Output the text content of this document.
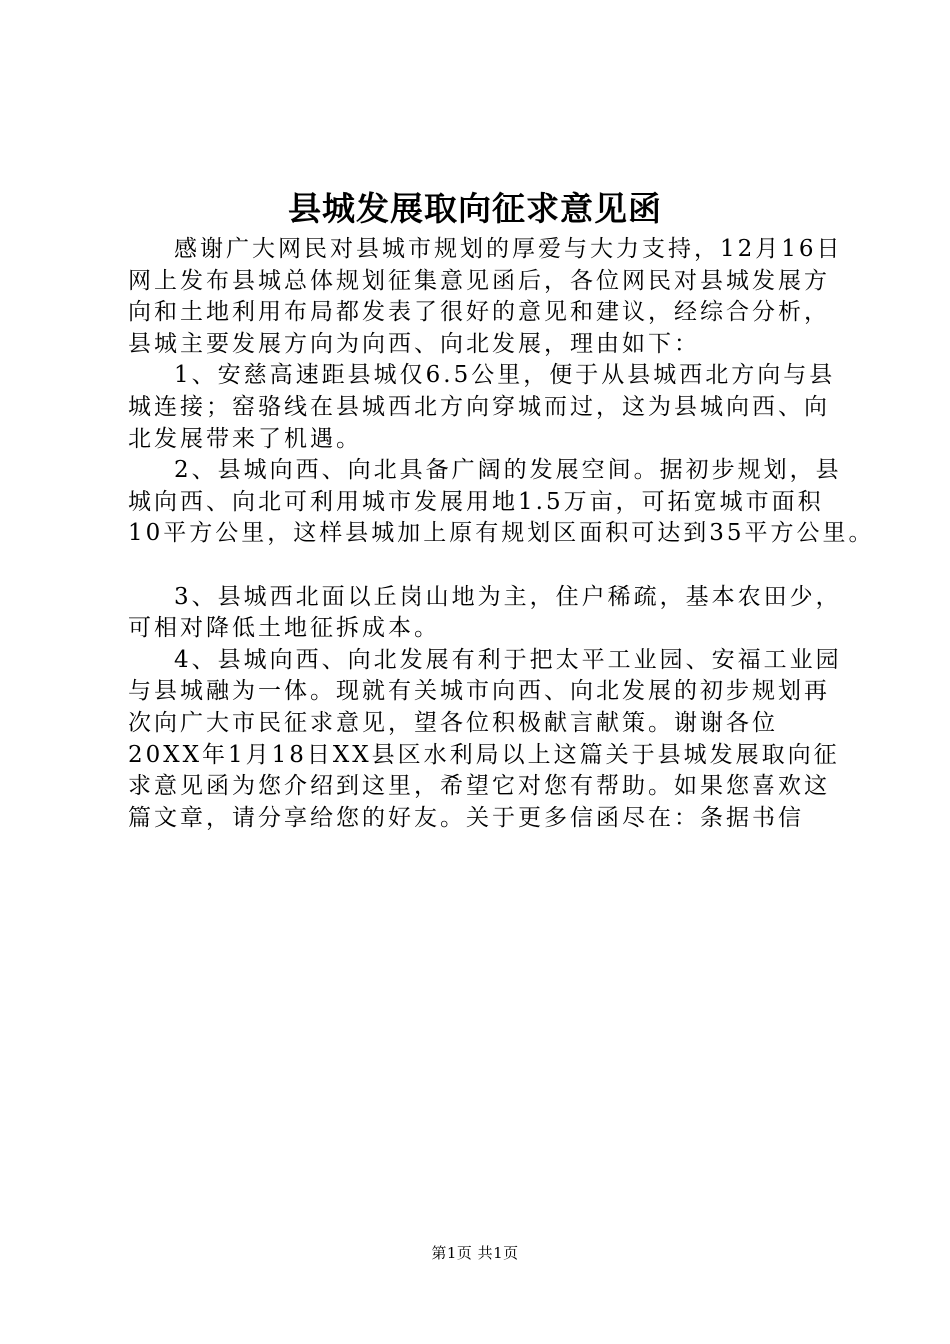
县城发展取向征求意见函
感谢广大网民对县城市规划的厚爱与大力支持，12月16日
网上发布县城总体规划征集意见函后，各位网民对县城发展方
向和土地利用布局都发表了很好的意见和建议，经综合分析，
县城主要发展方向为向西、向北发展，理由如下：
1、安慈高速距县城仅6.5公里，便于从县城西北方向与县
城连接；窑骆线在县城西北方向穿城而过，这为县城向西、向
北发展带来了机遇。
2、县城向西、向北具备广阔的发展空间。据初步规划，县
城向西、向北可利用城市发展用地1.5万亩，可拓宽城市面积
10平方公里，这样县城加上原有规划区面积可达到35平方公里。
3、县城西北面以丘岗山地为主，住户稀疏，基本农田少，
可相对降低土地征拆成本。
4、县城向西、向北发展有利于把太平工业园、安福工业园
与县城融为一体。现就有关城市向西、向北发展的初步规划再
次向广大市民征求意见，望各位积极献言献策。谢谢各位
20XX年1月18日XX县区水利局以上这篇关于县城发展取向征
求意见函为您介绍到这里，希望它对您有帮助。如果您喜欢这
篇文章，请分享给您的好友。关于更多信函尽在：条据书信
第1页 共1页
